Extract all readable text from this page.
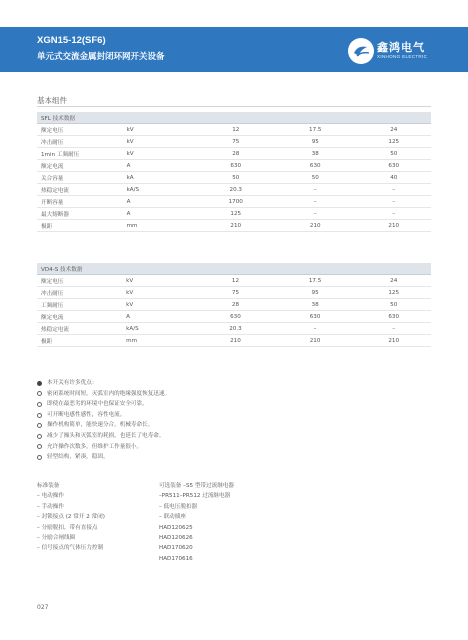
XGN15-12(SF6)
单元式交流金属封闭环网开关设备
鑫鸿电气
XINHONG ELECTRIC
基本组件
SFL 技术数据				
额定电压	kV	12	17.5	24
冲击耐压	kV	75	95	125
1min 工频耐压	kV	28	38	50
额定电流	A	630	630	630
关合容量	kA	50	50	40
热稳定电流	kA/S	20.3	–	–
开断容量	A	1700	–	–
最大熔断器	A	125	–	–
极距	mm	210	210	210
VD4-S 技术数据				
额定电压	kV	12	17.5	24
冲击耐压	kV	75	95	125
工频耐压	kV	28	38	50
额定电流	A	630	630	630
热稳定电流	kA/S	20.3	–	–
极距	mm	210	210	210
本开关有许多优点：
密闭系统时间短，灭弧室内的绝缘强度恢复迅速。
即使在最恶劣的环境中也保证安全可靠。
可开断电感性感性，容性电流。
操作机构简单，能快速分合，机械寿命长。
减少了操头和灭弧室的耗损，也延长了电寿命。
允许操作次数多，但维护工作量很小。
轻型结构，紧凑，稳固。
标准装备
– 电动操作
– 手动操作
– 封锁接点 (2 常开 2 常闭)
– 分励脱扣，带有直接点
– 分励合闸线圈
– 信号接点的气体压力控制
可选装备 –S5 型带过流继电器
–PR511–PR512 过流继电器
– 低电压脱扣器
– 联动插座
HAD120625
HAD120626
HAD170620
HAD170616
027
